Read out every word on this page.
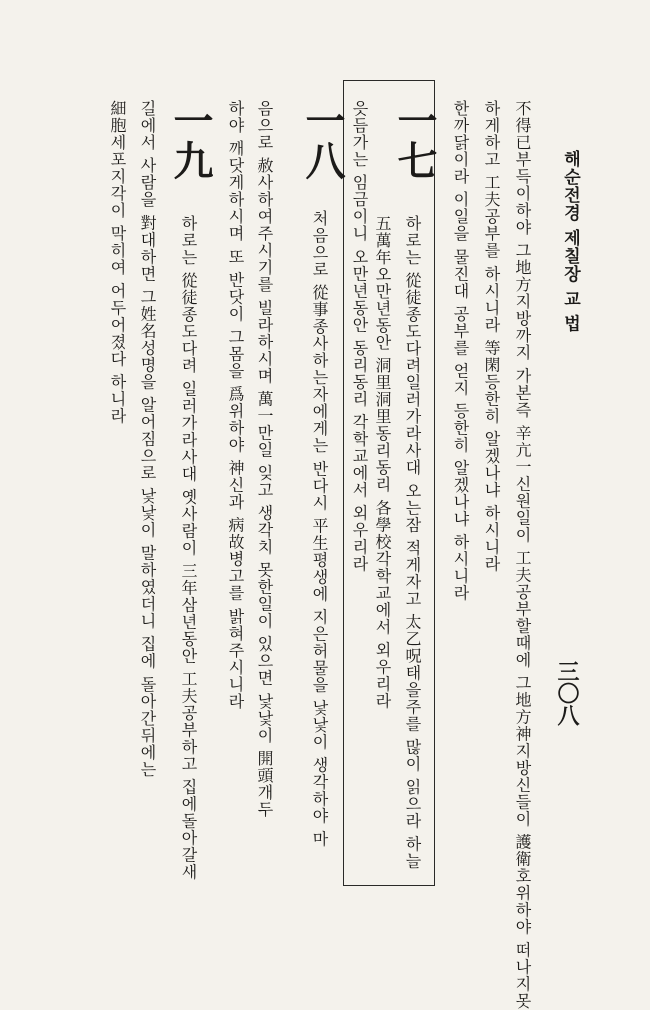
해순전경 제칠장 교 법
三〇八
不得已부득이하야 그地方지방까지 가본즉 辛亢一신원일이 工夫공부할때에 그地方神지방신들이 護衛호위하야 떠나지못
하게하고 工夫공부를 하시니라 等閑등한히 알겠나냐 하시니라
한까닭이라 이일을 물진대 공부를 얻지 등한히 알겠나냐 하시니라
一七
하로는 從徒종도다려일러가라사대 오는잠 적게자고 太乙呪태을주를 많이 읽으라 하늘
五萬年오만년동안 洞里洞里동리동리 各學校각학교에서 외우리라
읏듬가는 임금이니 오만년동안 동리동리 각학교에서 외우리라
一八
처음으로 從事종사하는자에게는 반다시 平生평생에 지은허물을 낯낯이 생각하야 마
음으로 赦사하여주시기를 빌라하시며 萬一만일 잊고 생각치 못한일이 있으면 낯낯이 開頭개두
하야 깨닷게하시며 또 반닷이 그몸을 爲위하야 神신과 病故병고를 밝혀주시니라
一九
하로는 從徒종도다려 일러가라사대 옛사람이 三年삼년동안 工夫공부하고 집에돌아갈새
길에서 사람을 對대하면 그姓名성명을 알어짐으로 낯낯이 말하였더니 집에 돌아간뒤에는
細胞세포지각이 막히여 어두어졌다 하니라
